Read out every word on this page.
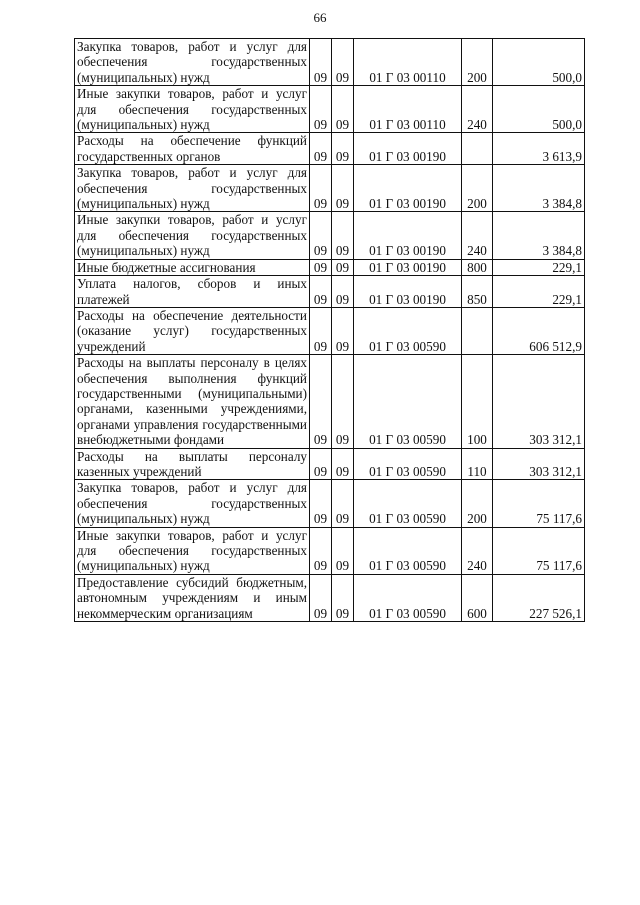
66
Закупка товаров, работ и услуг для обеспечения государственных (муниципальных) нужд	09	09	01 Г 03 00110	200	500,0
Иные закупки товаров, работ и услуг для обеспечения государственных (муниципальных) нужд	09	09	01 Г 03 00110	240	500,0
Расходы на обеспечение функций государственных органов	09	09	01 Г 03 00190		3 613,9
Закупка товаров, работ и услуг для обеспечения государственных (муниципальных) нужд	09	09	01 Г 03 00190	200	3 384,8
Иные закупки товаров, работ и услуг для обеспечения государственных (муниципальных) нужд	09	09	01 Г 03 00190	240	3 384,8
Иные бюджетные ассигнования	09	09	01 Г 03 00190	800	229,1
Уплата налогов, сборов и иных платежей	09	09	01 Г 03 00190	850	229,1
Расходы на обеспечение деятельности (оказание услуг) государственных учреждений	09	09	01 Г 03 00590		606 512,9
Расходы на выплаты персоналу в целях обеспечения выполнения функций государственными (муниципальными) органами, казенными учреждениями, органами управления государственными внебюджетными фондами	09	09	01 Г 03 00590	100	303 312,1
Расходы на выплаты персоналу казенных учреждений	09	09	01 Г 03 00590	110	303 312,1
Закупка товаров, работ и услуг для обеспечения государственных (муниципальных) нужд	09	09	01 Г 03 00590	200	75 117,6
Иные закупки товаров, работ и услуг для обеспечения государственных (муниципальных) нужд	09	09	01 Г 03 00590	240	75 117,6
Предоставление субсидий бюджетным, автономным учреждениям и иным некоммерческим организациям	09	09	01 Г 03 00590	600	227 526,1
